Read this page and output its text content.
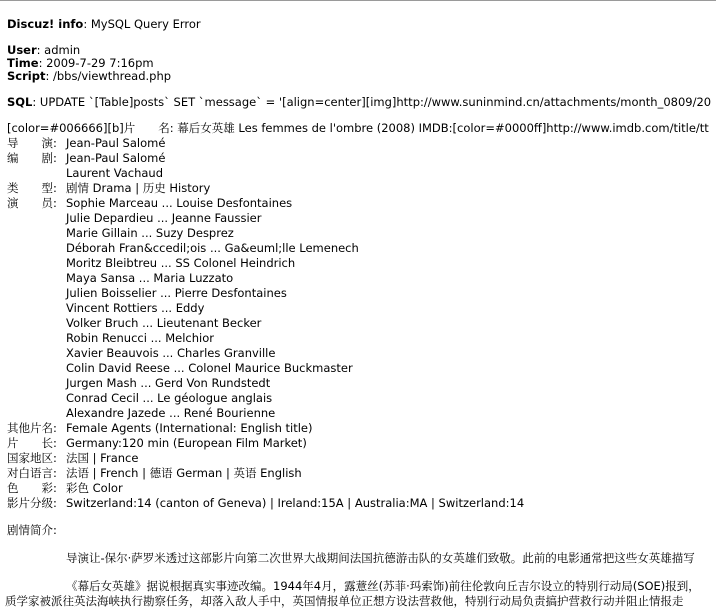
Discuz! info: MySQL Query Error
User: admin
Time: 2009-7-29 7:16pm
Script: /bbs/viewthread.php
SQL: UPDATE `[Table]posts` SET `message` = '[align=center][img]http://www.suninmind.cn/attachments/month_0809/20
[color=#006666][b]片　　名: 幕后女英雄 Les femmes de l'ombre (2008) IMDB:[color=#0000ff]http://www.imdb.com/title/tt
导　　演: Jean-Paul Salomé
编　　剧: Jean-Paul Salomé
Laurent Vachaud
类　　型: 剧情 Drama | 历史 History
演　　员: Sophie Marceau ... Louise Desfontaines
Julie Depardieu ... Jeanne Faussier
Marie Gillain ... Suzy Desprez
Déborah Fran&ccedil;ois ... Ga&euml;lle Lemenech
Moritz Bleibtreu ... SS Colonel Heindrich
Maya Sansa ... Maria Luzzato
Julien Boisselier ... Pierre Desfontaines
Vincent Rottiers ... Eddy
Volker Bruch ... Lieutenant Becker
Robin Renucci ... Melchior
Xavier Beauvois ... Charles Granville
Colin David Reese ... Colonel Maurice Buckmaster
Jurgen Mash ... Gerd Von Rundstedt
Conrad Cecil ... Le géologue anglais
Alexandre Jazede ... René Bourienne
其他片名: Female Agents (International: English title)
片　　长: Germany:120 min (European Film Market)
国家地区: 法国 | France
对白语言: 法语 | French | 德语 German | 英语 English
色　　彩: 彩色 Color
影片分级: Switzerland:14 (canton of Geneva) | Ireland:15A | Australia:MA | Switzerland:14
剧情简介:
导演让-保尔·萨罗米透过这部影片向第二次世界大战期间法国抗德游击队的女英雄们致敬。此前的电影通常把这些女英雄描写
《幕后女英雄》据说根据真实事迹改编。1944年4月，露薏丝(苏菲·玛索饰)前往伦敦向丘吉尔设立的特别行动局(SOE)报到，
质学家被派往英法海峡执行勘察任务，却落入敌人手中，英国情报单位正想方设法营救他，特别行动局负责搞护营救行动并阻止情报走
